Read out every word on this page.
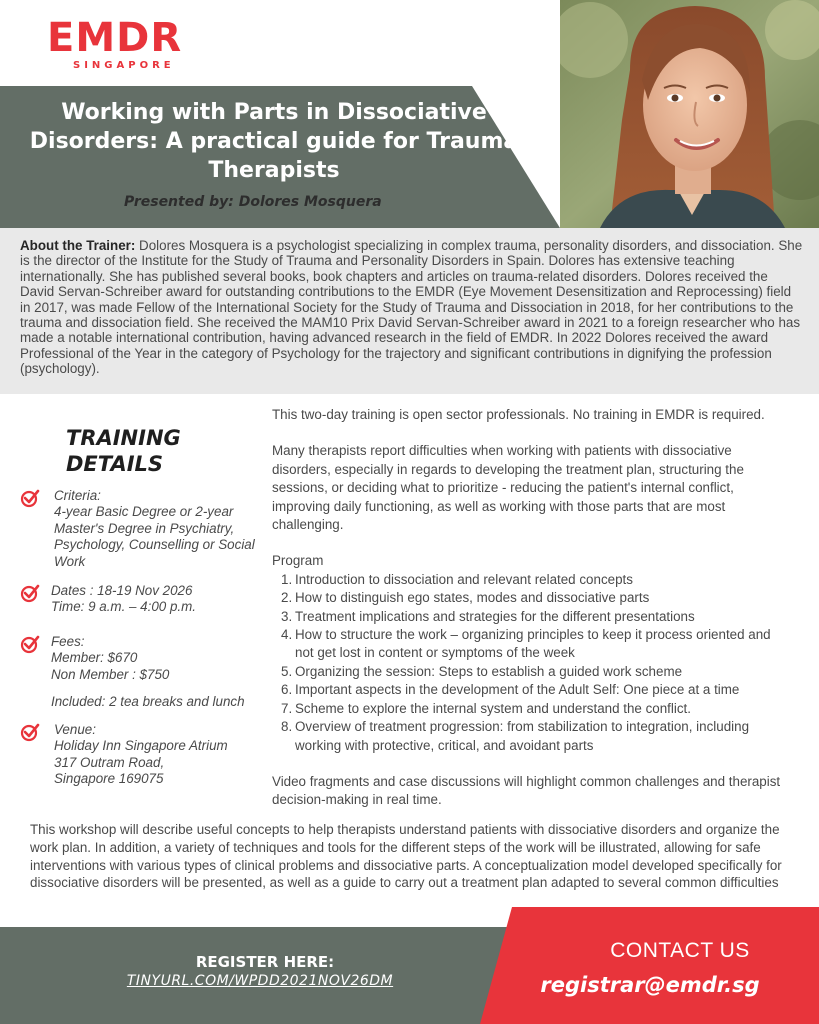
EMDR
SINGAPORE
Working with Parts in Dissociative Disorders: A practical guide for Trauma Therapists
Presented by: Dolores Mosquera

About the Trainer: Dolores Mosquera is a psychologist specializing in complex trauma, personality disorders, and dissociation. She is the director of the Institute for the Study of Trauma and Personality Disorders in Spain. Dolores has extensive teaching internationally. She has published several books, book chapters and articles on trauma-related disorders. Dolores received the David Servan-Schreiber award for outstanding contributions to the EMDR (Eye Movement Desensitization and Reprocessing) field in 2017, was made Fellow of the International Society for the Study of Trauma and Dissociation in 2018, for her contributions to the trauma and dissociation field. She received the MAM10 Prix David Servan-Schreiber award in 2021 to a foreign researcher who has made a notable international contribution, having advanced research in the field of EMDR. In 2022 Dolores received the award Professional of the Year in the category of Psychology for the trajectory and significant contributions in dignifying the profession (psychology).

TRAINING
DETAILS
Criteria:
4-year Basic Degree or 2-year Master's Degree in Psychiatry, Psychology, Counselling or Social Work
Dates : 18-19 Nov 2026
Time: 9 a.m. – 4:00 p.m.
Fees:
Member: $670
Non Member : $750
Included: 2 tea breaks and lunch
Venue:
Holiday Inn Singapore Atrium
317 Outram Road,
Singapore 169075

This two-day training is open sector professionals. No training in EMDR is required.

Many therapists report difficulties when working with patients with dissociative disorders, especially in regards to developing the treatment plan, structuring the sessions, or deciding what to prioritize - reducing the patient's internal conflict, improving daily functioning, as well as working with those parts that are most challenging.

Program

1. Introduction to dissociation and relevant related concepts
2. How to distinguish ego states, modes and dissociative parts
3. Treatment implications and strategies for the different presentations
4. How to structure the work – organizing principles to keep it process oriented and not get lost in content or symptoms of the week
5. Organizing the session: Steps to establish a guided work scheme
6. Important aspects in the development of the Adult Self: One piece at a time
7. Scheme to explore the internal system and understand the conflict.
8. Overview of treatment progression: from stabilization to integration, including working with protective, critical, and avoidant parts

Video fragments and case discussions will highlight common challenges and therapist decision-making in real time.

This workshop will describe useful concepts to help therapists understand patients with dissociative disorders and organize the work plan. In addition, a variety of techniques and tools for the different steps of the work will be illustrated, allowing for safe interventions with various types of clinical problems and dissociative parts. A conceptualization model developed specifically for dissociative disorders will be presented, as well as a guide to carry out a treatment plan adapted to several common difficulties
REGISTER HERE:
TINYURL.COM/WPDD2021NOV26DM
CONTACT US
registrar@emdr.sg
